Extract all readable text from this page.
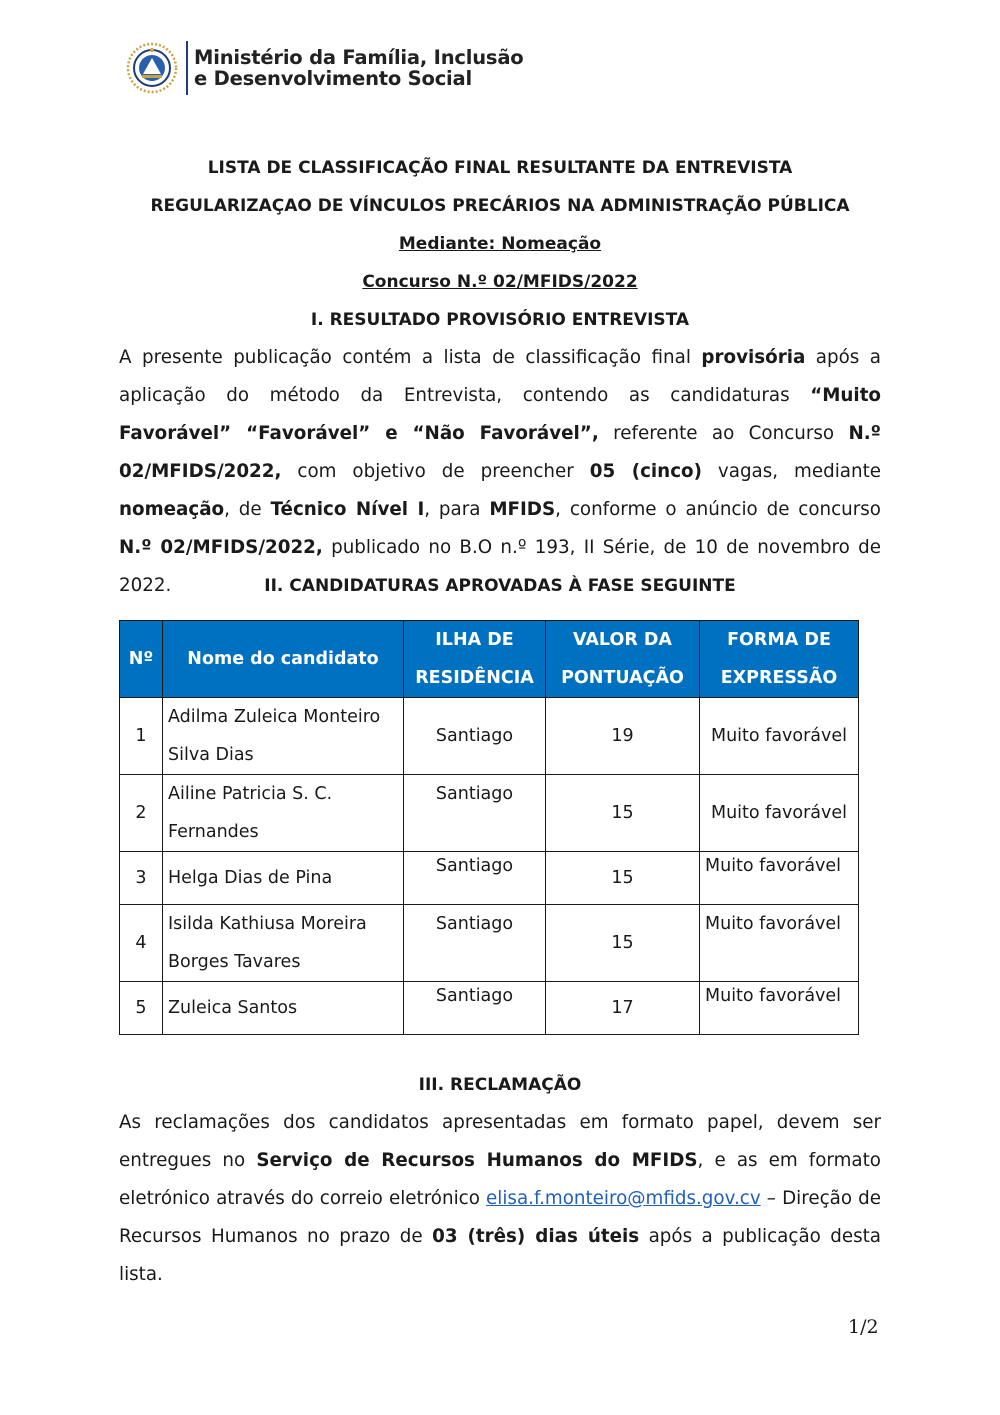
Ministério da Família, Inclusão
e Desenvolvimento Social
LISTA DE CLASSIFICAÇÃO FINAL RESULTANTE DA ENTREVISTA
REGULARIZAÇAO DE VÍNCULOS PRECÁRIOS NA ADMINISTRAÇÃO PÚBLICA
Mediante: Nomeação
Concurso N.º 02/MFIDS/2022
I. RESULTADO PROVISÓRIO ENTREVISTA

A presente publicação contém a lista de classificação final provisória após a aplicação do método da Entrevista, contendo as candidaturas “Muito Favorável” “Favorável” e “Não Favorável”, referente ao Concurso N.º 02/MFIDS/2022, com objetivo de preencher 05 (cinco) vagas, mediante nomeação, de Técnico Nível I, para MFIDS, conforme o anúncio de concurso N.º 02/MFIDS/2022, publicado no B.O n.º 193, II Série, de 10 de novembro de 2022.	II. CANDIDATURAS APROVADAS À FASE SEGUINTE
Nº	Nome do candidato	ILHA DE RESIDÊNCIA	VALOR DA PONTUAÇÃO	FORMA DE EXPRESSÃO
1	Adilma Zuleica Monteiro Silva Dias	Santiago	19	Muito favorável
2	Ailine Patricia S. C. Fernandes	Santiago	15	Muito favorável
3	Helga Dias de Pina	Santiago	15	Muito favorável
4	Isilda Kathiusa Moreira Borges Tavares	Santiago	15	Muito favorável
5	Zuleica Santos	Santiago	17	Muito favorável
III. RECLAMAÇÃO

As reclamações dos candidatos apresentadas em formato papel, devem ser entregues no Serviço de Recursos Humanos do MFIDS, e as em formato eletrónico através do correio eletrónico elisa.f.monteiro@mfids.gov.cv – Direção de Recursos Humanos no prazo de 03 (três) dias úteis após a publicação desta lista.

1/2
